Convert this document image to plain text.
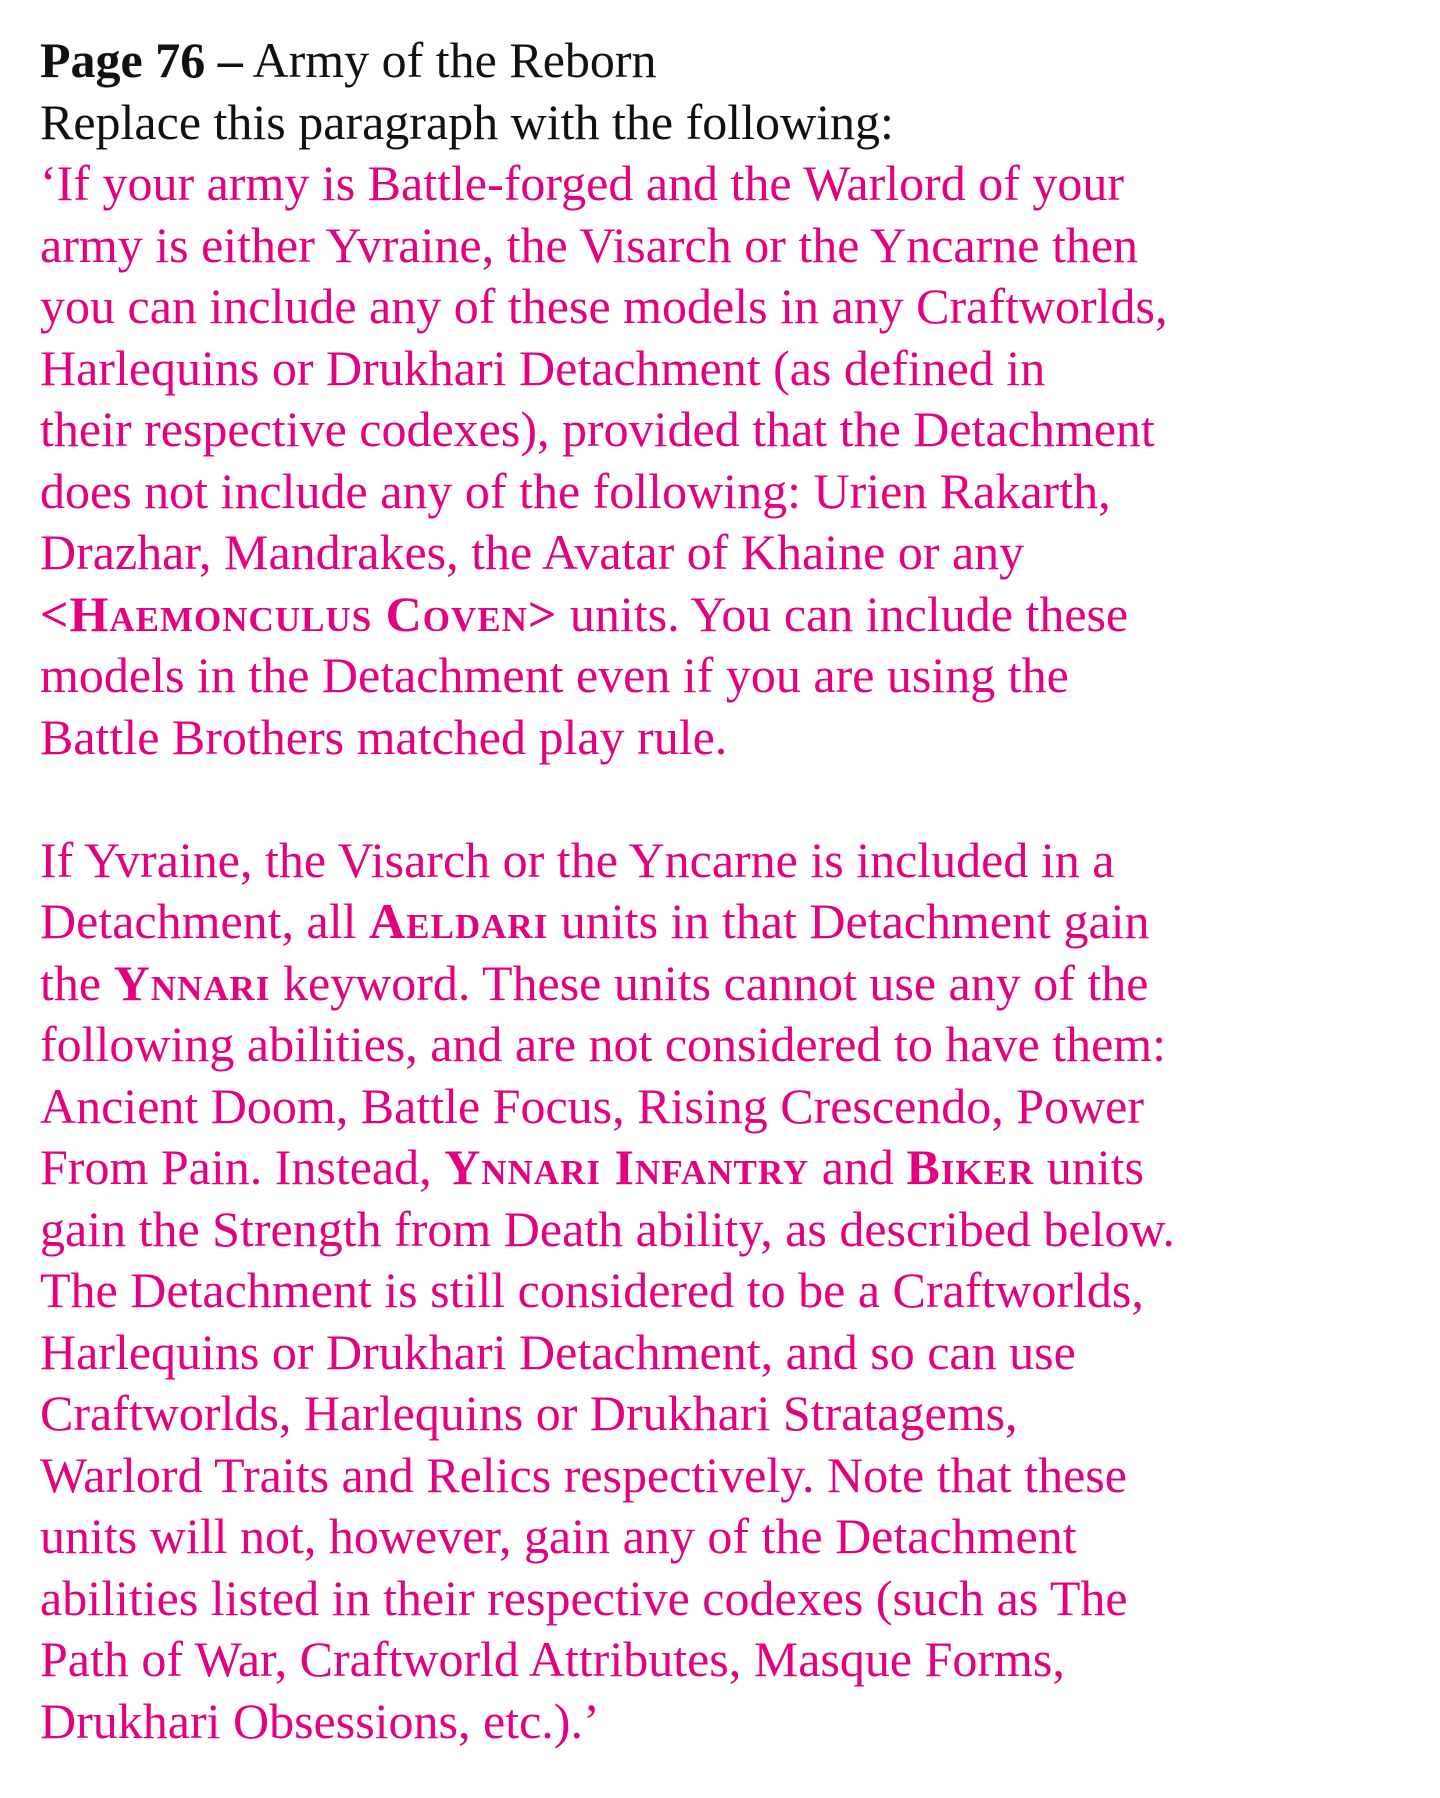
Page 76 – Army of the Reborn
Replace this paragraph with the following:
‘If your army is Battle-forged and the Warlord of your
army is either Yvraine, the Visarch or the Yncarne then
you can include any of these models in any Craftworlds,
Harlequins or Drukhari Detachment (as defined in
their respective codexes), provided that the Detachment
does not include any of the following: Urien Rakarth,
Drazhar, Mandrakes, the Avatar of Khaine or any
<Haemonculus Coven> units. You can include these
models in the Detachment even if you are using the
Battle Brothers matched play rule.
If Yvraine, the Visarch or the Yncarne is included in a
Detachment, all Aeldari units in that Detachment gain
the Ynnari keyword. These units cannot use any of the
following abilities, and are not considered to have them:
Ancient Doom, Battle Focus, Rising Crescendo, Power
From Pain. Instead, Ynnari Infantry and Biker units
gain the Strength from Death ability, as described below.
The Detachment is still considered to be a Craftworlds,
Harlequins or Drukhari Detachment, and so can use
Craftworlds, Harlequins or Drukhari Stratagems,
Warlord Traits and Relics respectively. Note that these
units will not, however, gain any of the Detachment
abilities listed in their respective codexes (such as The
Path of War, Craftworld Attributes, Masque Forms,
Drukhari Obsessions, etc.).’
